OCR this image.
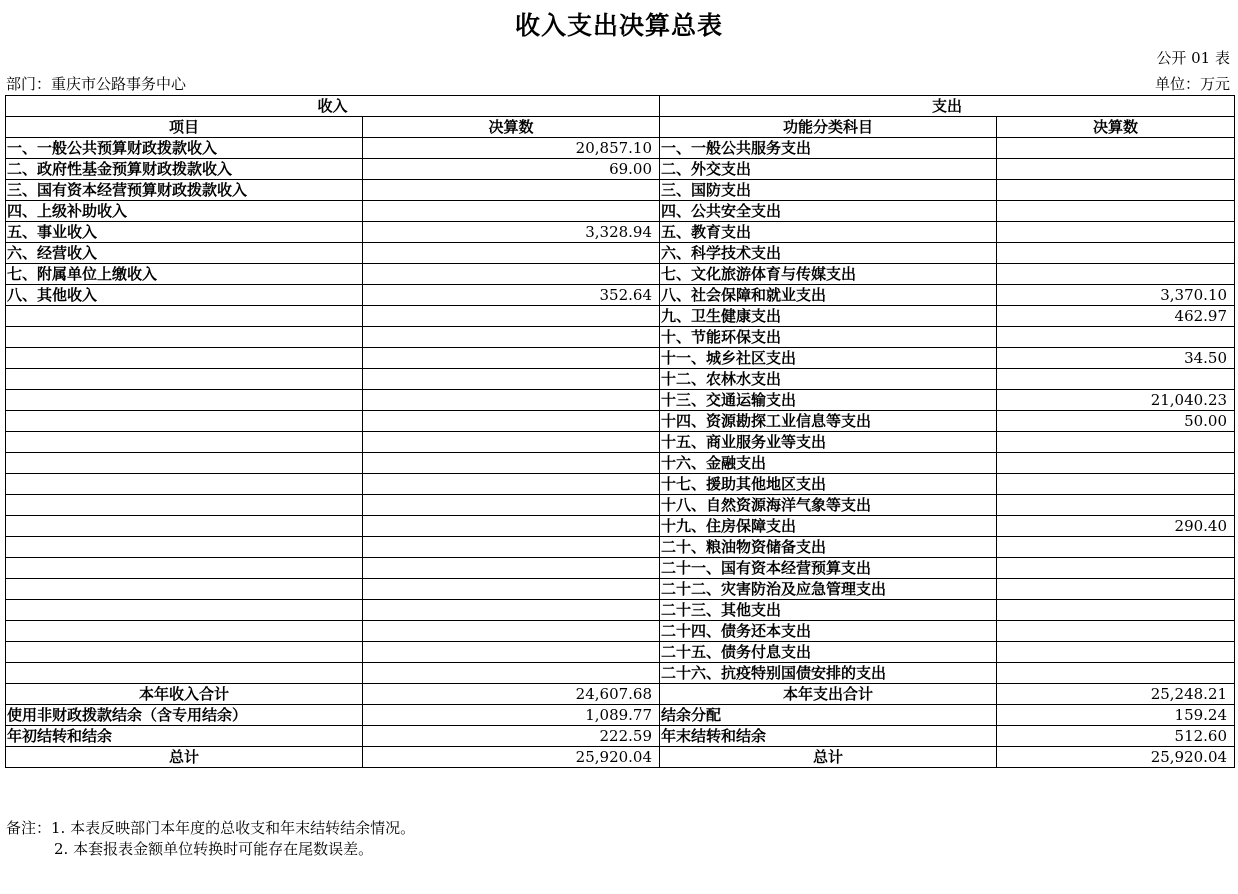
收入支出决算总表
公开 01 表
部门：重庆市公路事务中心	单位：万元
收入		支出	
项目	决算数	功能分类科目	决算数
一、一般公共预算财政拨款收入	20,857.10	一、一般公共服务支出	
二、政府性基金预算财政拨款收入	69.00	二、外交支出	
三、国有资本经营预算财政拨款收入		三、国防支出	
四、上级补助收入		四、公共安全支出	
五、事业收入	3,328.94	五、教育支出	
六、经营收入		六、科学技术支出	
七、附属单位上缴收入		七、文化旅游体育与传媒支出	
八、其他收入	352.64	八、社会保障和就业支出	3,370.10
		九、卫生健康支出	462.97
		十、节能环保支出	
		十一、城乡社区支出	34.50
		十二、农林水支出	
		十三、交通运输支出	21,040.23
		十四、资源勘探工业信息等支出	50.00
		十五、商业服务业等支出	
		十六、金融支出	
		十七、援助其他地区支出	
		十八、自然资源海洋气象等支出	
		十九、住房保障支出	290.40
		二十、粮油物资储备支出	
		二十一、国有资本经营预算支出	
		二十二、灾害防治及应急管理支出	
		二十三、其他支出	
		二十四、债务还本支出	
		二十五、债务付息支出	
		二十六、抗疫特别国债安排的支出	
本年收入合计	24,607.68	本年支出合计	25,248.21
使用非财政拨款结余（含专用结余）	1,089.77	结余分配	159.24
年初结转和结余	222.59	年末结转和结余	512.60
总计	25,920.04	总计	25,920.04
备注：1. 本表反映部门本年度的总收支和年末结转结余情况。
2. 本套报表金额单位转换时可能存在尾数误差。
